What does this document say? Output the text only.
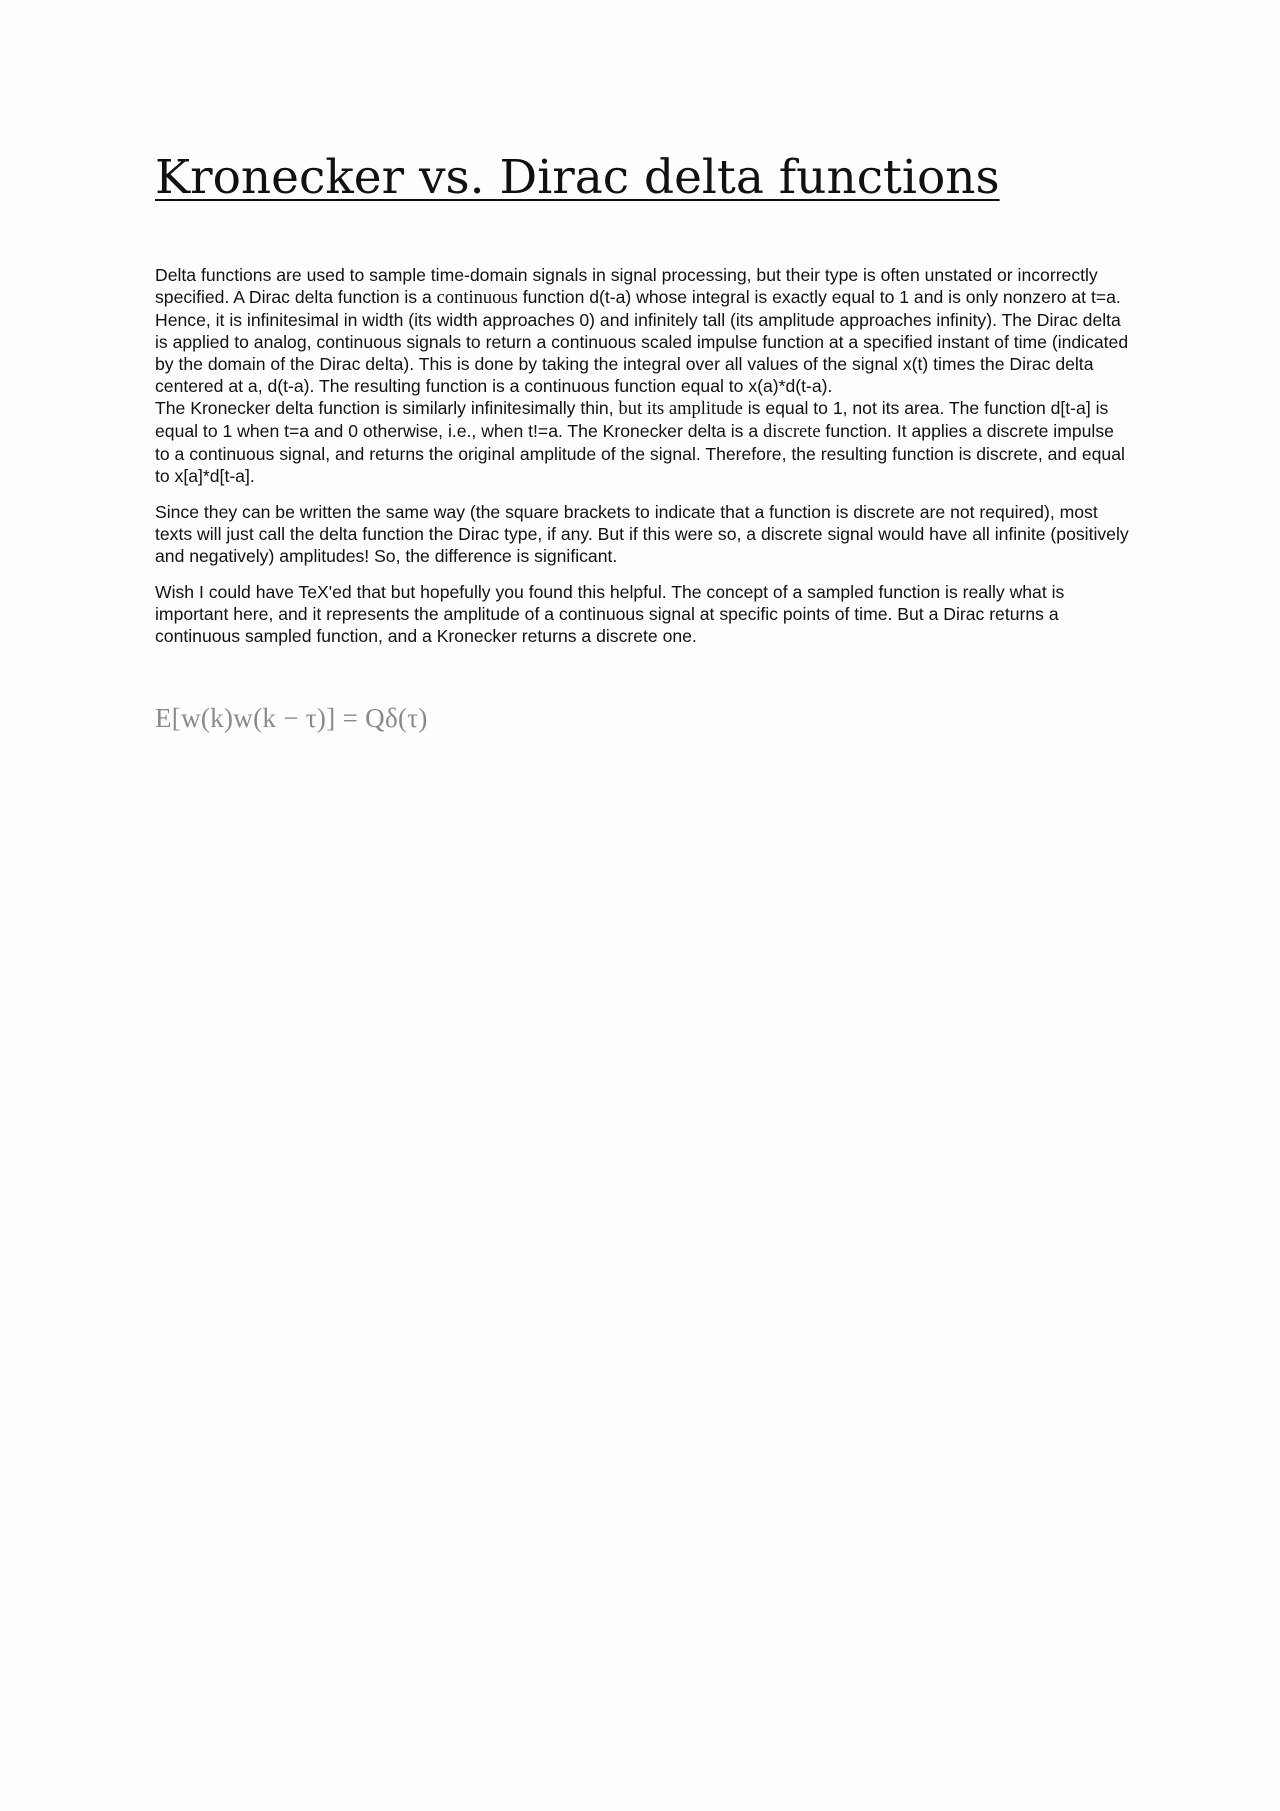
Kronecker vs. Dirac delta functions

Delta functions are used to sample time-domain signals in signal processing, but their type is often unstated or incorrectly specified. A Dirac delta function is a continuous function d(t-a) whose integral is exactly equal to 1 and is only nonzero at t=a. Hence, it is infinitesimal in width (its width approaches 0) and infinitely tall (its amplitude approaches infinity). The Dirac delta is applied to analog, continuous signals to return a continuous scaled impulse function at a specified instant of time (indicated by the domain of the Dirac delta). This is done by taking the integral over all values of the signal x(t) times the Dirac delta centered at a, d(t-a). The resulting function is a continuous function equal to x(a)*d(t-a).

The Kronecker delta function is similarly infinitesimally thin, but its amplitude is equal to 1, not its area. The function d[t-a] is equal to 1 when t=a and 0 otherwise, i.e., when t!=a. The Kronecker delta is a discrete function. It applies a discrete impulse to a continuous signal, and returns the original amplitude of the signal. Therefore, the resulting function is discrete, and equal to x[a]*d[t-a].

Since they can be written the same way (the square brackets to indicate that a function is discrete are not required), most texts will just call the delta function the Dirac type, if any. But if this were so, a discrete signal would have all infinite (positively and negatively) amplitudes! So, the difference is significant.

Wish I could have TeX'ed that but hopefully you found this helpful. The concept of a sampled function is really what is important here, and it represents the amplitude of a continuous signal at specific points of time. But a Dirac returns a continuous sampled function, and a Kronecker returns a discrete one.

E[w(k)w(k − τ)] = Qδ(τ)
